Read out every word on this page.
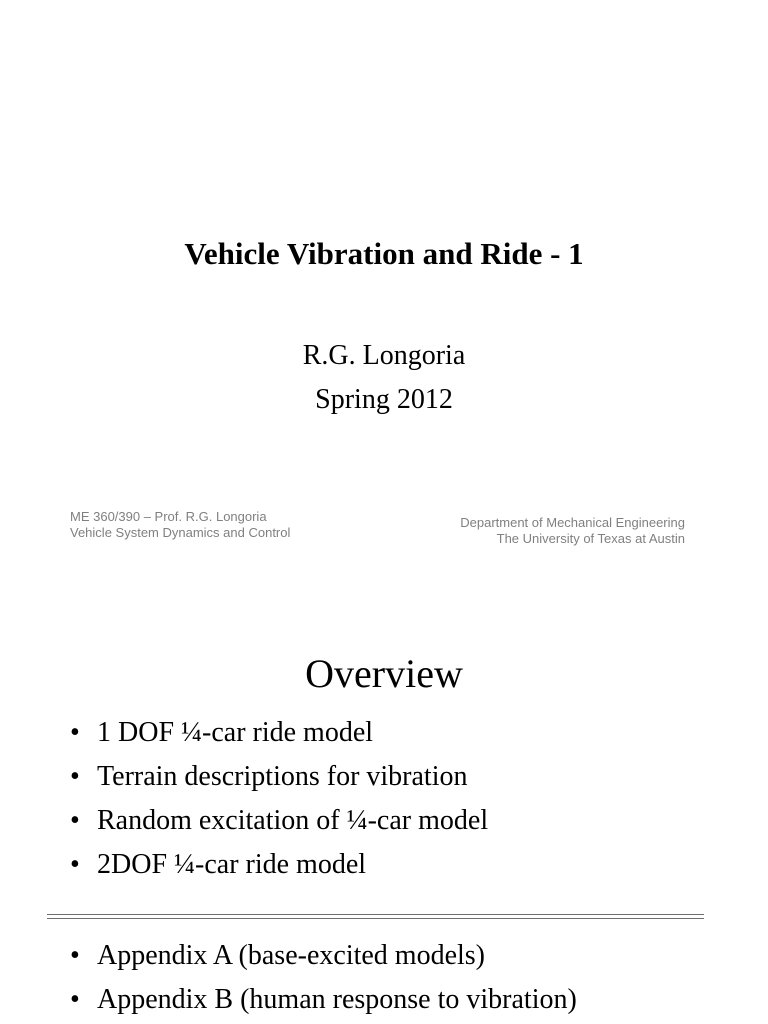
Vehicle Vibration and Ride - 1
R.G. Longoria
Spring 2012
ME 360/390 – Prof. R.G. Longoria
Vehicle System Dynamics and Control
Department of Mechanical Engineering
The University of Texas at Austin
Overview
• 1 DOF ¼-car ride model
• Terrain descriptions for vibration
• Random excitation of ¼-car model
• 2DOF ¼-car ride model
• Appendix A (base-excited models)
• Appendix B (human response to vibration)
